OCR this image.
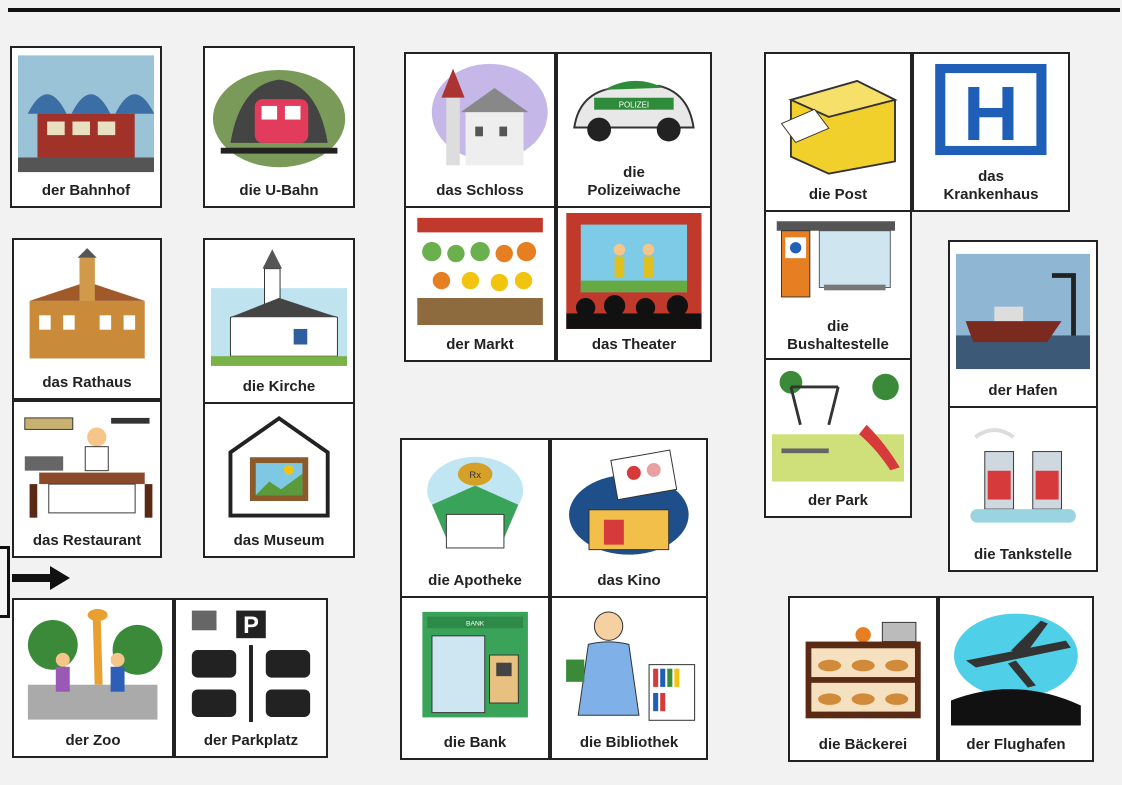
der Bahnhof	die U-Bahn	das Schloss
POLIZEI
die
Polizeiwache	die Post
H
das
Krankenhaus
das Rathaus	die Kirche
der Markt	das Theater
die
Bushaltestelle
der Hafen
das Restaurant	das Museum
der Park
Rx
die Apotheke	das Kino
die Tankstelle
der Zoo
P
der Parkplatz
BANK
die Bank	die Bibliothek	die Bäckerei	der Flughafen
